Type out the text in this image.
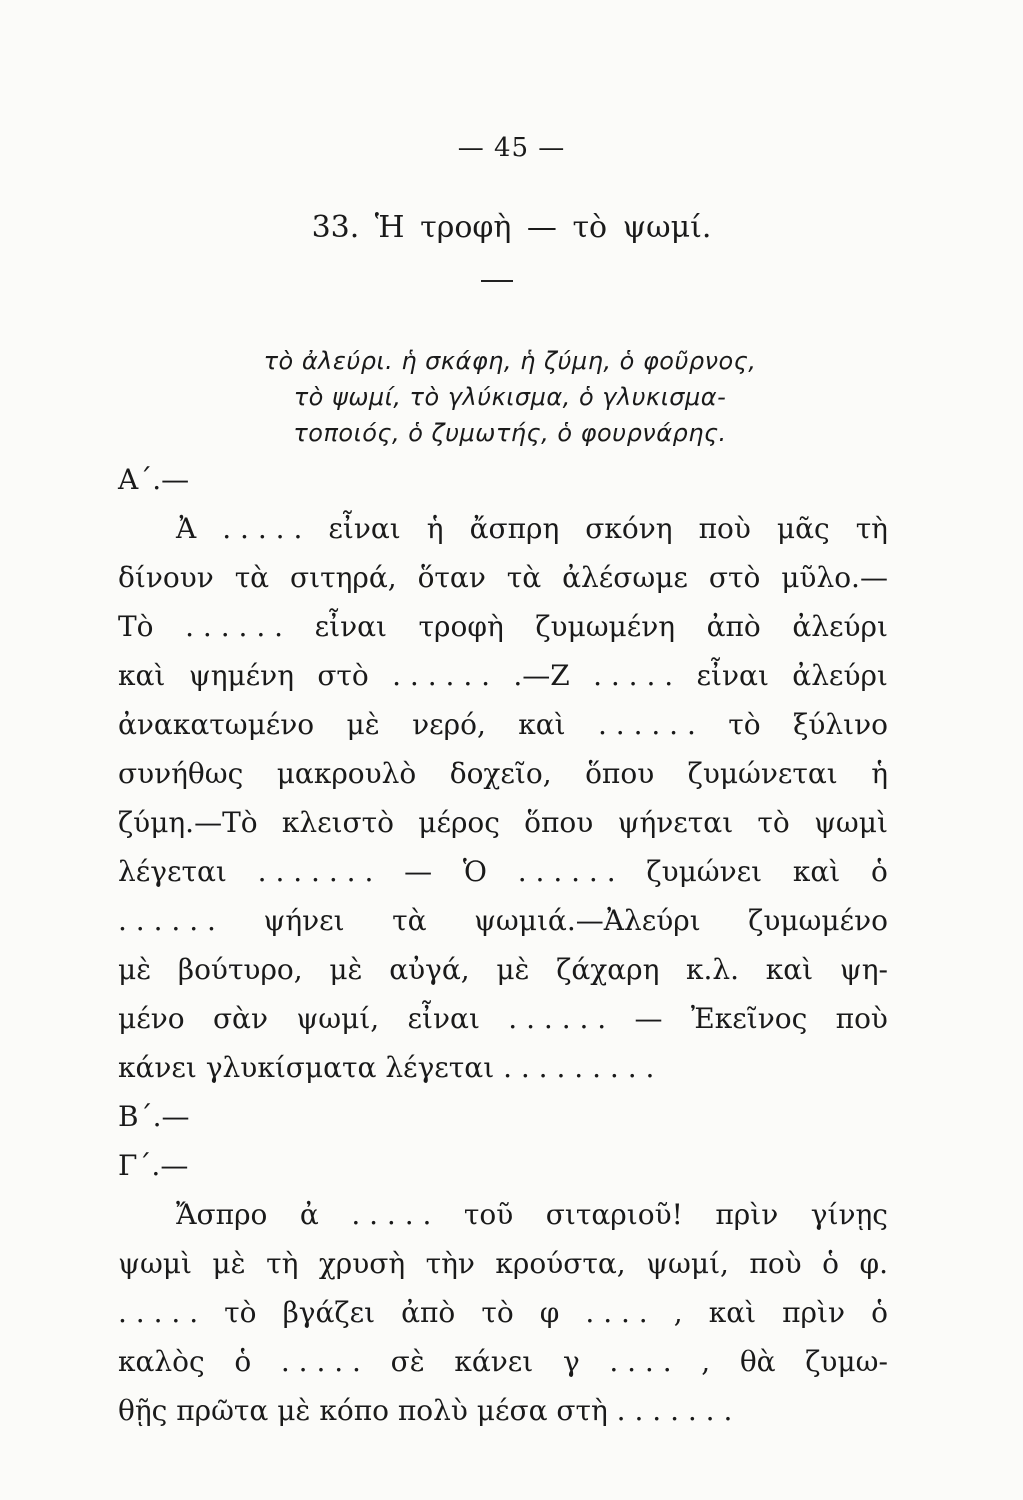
— 45 —
33. Ἡ τροφὴ — τὸ ψωμί.
τὸ ἀλεύρι. ἡ σκάφη, ἡ ζύμη, ὁ φοῦρνος,
τὸ ψωμί, τὸ γλύκισμα, ὁ γλυκισμα-
τοποιός, ὁ ζυμωτής, ὁ φουρνάρης.
Α΄.—
Ἀ . . . . . εἶναι ἡ ἄσπρη σκόνη ποὺ μᾶς τὴ
δίνουν τὰ σιτηρά, ὅταν τὰ ἀλέσωμε στὸ μῦλο.—
Τὸ . . . . . . εἶναι τροφὴ ζυμωμένη ἀπὸ ἀλεύρι
καὶ ψημένη στὸ . . . . . . .—Ζ . . . . . εἶναι ἀλεύρι
ἀνακατωμένο μὲ νερό, καὶ . . . . . . τὸ ξύλινο
συνήθως μακρουλὸ δοχεῖο, ὅπου ζυμώνεται ἡ
ζύμη.—Τὸ κλειστὸ μέρος ὅπου ψήνεται τὸ ψωμὶ
λέγεται . . . . . . . — Ὁ . . . . . . ζυμώνει καὶ ὁ
. . . . . . ψήνει τὰ ψωμιά.—Ἀλεύρι ζυμωμένο
μὲ βούτυρο, μὲ αὐγά, μὲ ζάχαρη κ.λ. καὶ ψη-
μένο σὰν ψωμί, εἶναι . . . . . . — Ἐκεῖνος ποὺ
κάνει γλυκίσματα λέγεται . . . . . . . . .
Β΄.—
Γ΄.—
Ἄσπρο ἀ . . . . . τοῦ σιταριοῦ! πρὶν γίνῃς
ψωμὶ μὲ τὴ χρυσὴ τὴν κρούστα, ψωμί, ποὺ ὁ φ.
. . . . . τὸ βγάζει ἀπὸ τὸ φ . . . . , καὶ πρὶν ὁ
καλὸς ὁ . . . . . σὲ κάνει γ . . . . , θὰ ζυμω-
θῇς πρῶτα μὲ κόπο πολὺ μέσα στὴ . . . . . . .
